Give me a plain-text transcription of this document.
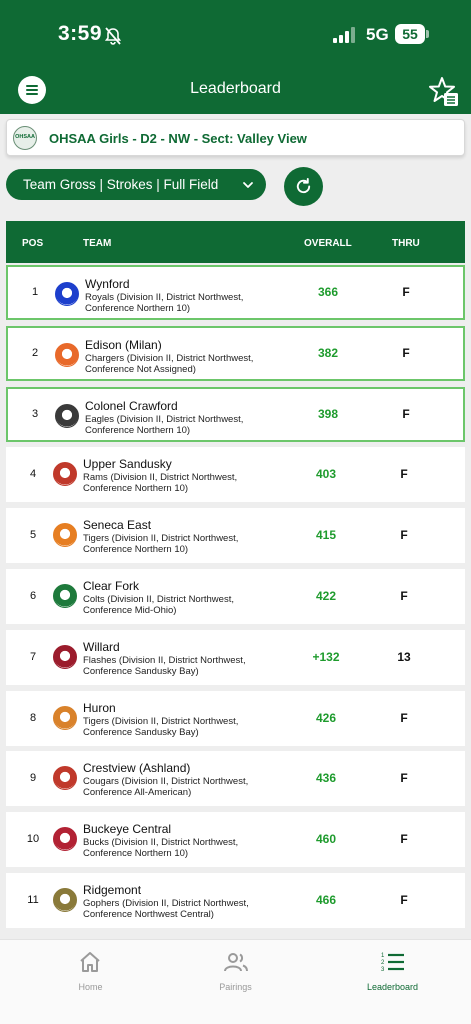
3:59	5G 55
Leaderboard
OHSAA OHSAA Girls - D2 - NW - Sect: Valley View
Team Gross | Strokes | Full Field
POS	TEAM	OVERALL	THRU
1
Wynford
Royals (Division II, District Northwest, Conference Northern 10)
366	F
2
Edison (Milan)
Chargers (Division II, District Northwest, Conference Not Assigned)
382	F
3
Colonel Crawford
Eagles (Division II, District Northwest, Conference Northern 10)
398	F
4
Upper Sandusky
Rams (Division II, District Northwest, Conference Northern 10)
403	F
5
Seneca East
Tigers (Division II, District Northwest, Conference Northern 10)
415	F
6
Clear Fork
Colts (Division II, District Northwest, Conference Mid-Ohio)
422	F
7
Willard
Flashes (Division II, District Northwest, Conference Sandusky Bay)
+132	13
8
Huron
Tigers (Division II, District Northwest, Conference Sandusky Bay)
426	F
9
Crestview (Ashland)
Cougars (Division II, District Northwest, Conference All-American)
436	F
10
Buckeye Central
Bucks (Division II, District Northwest, Conference Northern 10)
460	F
11
Ridgemont
Gophers (Division II, District Northwest, Conference Northwest Central)
466	F
Home	Pairings
1
2
3
Leaderboard
